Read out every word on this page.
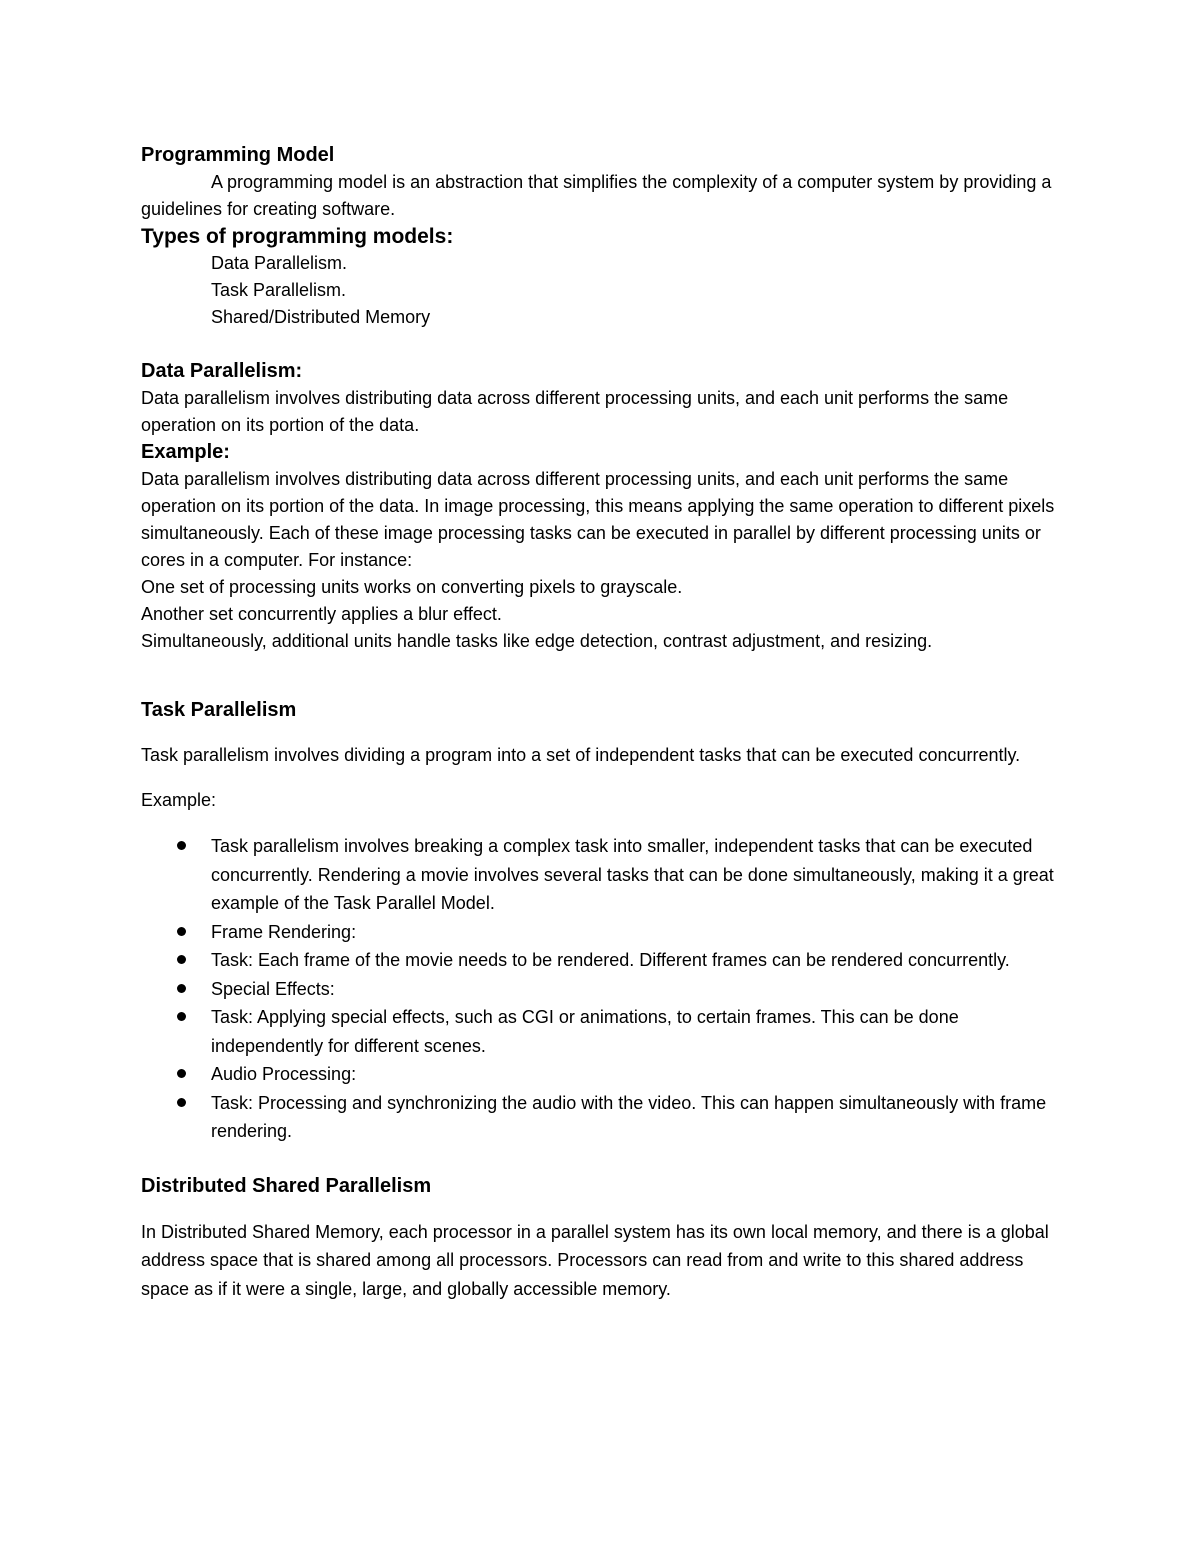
Programming Model

A programming model is an abstraction that simplifies the complexity of a computer system by providing a guidelines for creating software.

Types of programming models:

Data Parallelism.

Task Parallelism.

Shared/Distributed Memory

Data Parallelism:

Data parallelism involves distributing data across different processing units, and each unit performs the same operation on its portion of the data.

Example:

Data parallelism involves distributing data across different processing units, and each unit performs the same operation on its portion of the data. In image processing, this means applying the same operation to different pixels simultaneously. Each of these image processing tasks can be executed in parallel by different processing units or cores in a computer. For instance:

One set of processing units works on converting pixels to grayscale.

Another set concurrently applies a blur effect.

Simultaneously, additional units handle tasks like edge detection, contrast adjustment, and resizing.

Task Parallelism

Task parallelism involves dividing a program into a set of independent tasks that can be executed concurrently.

Example:

Task parallelism involves breaking a complex task into smaller, independent tasks that can be executed concurrently. Rendering a movie involves several tasks that can be done simultaneously, making it a great example of the Task Parallel Model.
Frame Rendering:
Task: Each frame of the movie needs to be rendered. Different frames can be rendered concurrently.
Special Effects:
Task: Applying special effects, such as CGI or animations, to certain frames. This can be done independently for different scenes.
Audio Processing:
Task: Processing and synchronizing the audio with the video. This can happen simultaneously with frame rendering.
Distributed Shared Parallelism

In Distributed Shared Memory, each processor in a parallel system has its own local memory, and there is a global address space that is shared among all processors. Processors can read from and write to this shared address space as if it were a single, large, and globally accessible memory.
